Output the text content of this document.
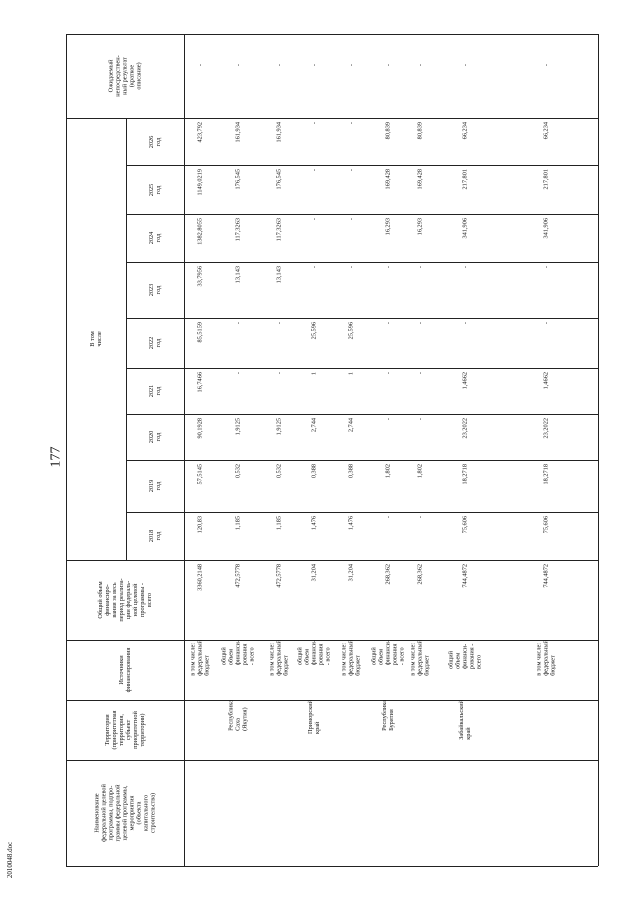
177
2010048.doc
Наименование
федеральной целевой
программы, подпро-
граммы федеральной
целевой программы,
мероприятия (объекта
капитального
строительства)
Территория
(приоритетная
территория,
субъект
приоритетной
территории)
Источники
финансирования
Общий объем
финансиро-
вания за весь
период реализа-
ции федераль-
ной целевой
программы -
всего
Ожидаемый
непосредствен-
ный результат
(краткое
описание)
В том числе
2018
год
2019
год
2020
год
2021
год
2022
год
2023
год
2024
год
2025
год
2026
год
в том числе:
федеральный
бюджет
3360,2148
120,83
57,5145
90,1928
16,7466
85,5159
33,7956
1382,8055
1149,0219
423,792
-
Республика
Саха (Якутия)
общий
объем финанси-
рования - всего
472,5778
1,185
0,532
1,9125
-
-
13,143
117,3263
176,545
161,934
-
в том числе:
федеральный
бюджет
472,5778
1,185
0,532
1,9125
-
-
13,143
117,3263
176,545
161,934
-
Приморский
край
общий
объем финанси-
рования - всего
31,204
1,476
0,388
2,744
1
25,596
-
-
-
-
-
в том числе:
федеральный
бюджет
31,204
1,476
0,388
2,744
1
25,596
-
-
-
-
-
Республика
Бурятия
общий
объем финанси-
рования - всего
268,362
-
1,802
-
-
-
-
16,293
169,428
80,839
-
в том числе:
федеральный
бюджет
268,362
-
1,802
-
-
-
-
16,293
169,428
80,839
-
Забайкальский
край
общий
объем финанси-
рования - всего
744,4872
75,606
18,2718
23,2022
1,4662
-
-
341,906
217,801
66,234
-
в том числе:
федеральный
бюджет
744,4872
75,606
18,2718
23,2022
1,4662
-
-
341,906
217,801
66,234
-
